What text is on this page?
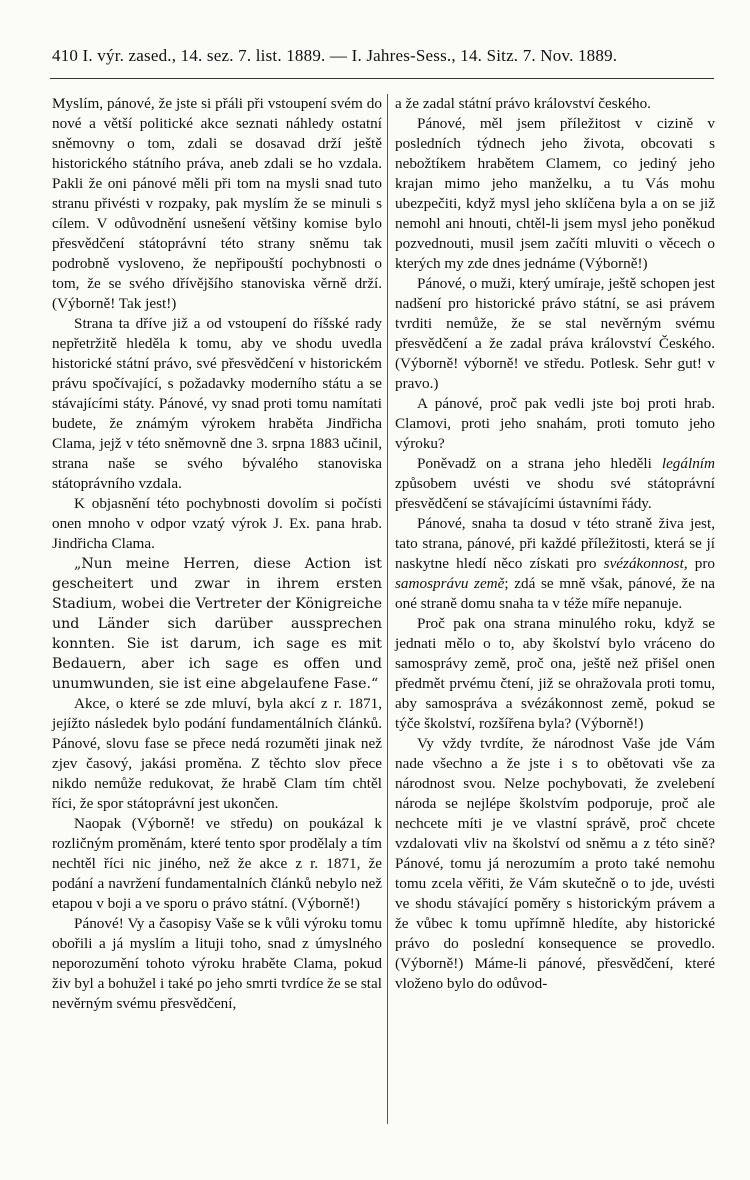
410 I. výr. zased., 14. sez. 7. list. 1889. — I. Jahres-Sess., 14. Sitz. 7. Nov. 1889.

Myslím, pánové, že jste si přáli při vstoupení svém do nové a větší politické akce seznati náhledy ostatní sněmovny o tom, zdali se dosavad drží ještě historického státního práva, aneb zdali se ho vzdala. Pakli že oni pánové měli při tom na mysli snad tuto stranu přivésti v rozpaky, pak myslím že se minuli s cílem. V odůvodnění usnešení většiny komise bylo přesvědčení státoprávní této strany sněmu tak podrobně vysloveno, že nepřipouští pochybnosti o tom, že se svého dřívějšího stanoviska věrně drží. (Výborně! Tak jest!)

Strana ta dříve již a od vstoupení do říšské rady nepřetržitě hleděla k tomu, aby ve shodu uvedla historické státní právo, své přesvědčení v historickém právu spočívající, s požadavky moderního státu a se stávajícími státy. Pánové, vy snad proti tomu namítati budete, že známým výrokem hraběta Jindřicha Clama, jejž v této sněmovně dne 3. srpna 1883 učinil, strana naše se svého bývalého stanoviska státoprávního vzdala.

K objasnění této pochybnosti dovolím si počísti onen mnoho v odpor vzatý výrok J. Ex. pana hrab. Jindřicha Clama.

„Nun meine Herren, diese Action ist gescheitert und zwar in ihrem ersten Stadium, wobei die Vertreter der Königreiche und Länder sich darüber aussprechen konnten. Sie ist darum, ich sage es mit Bedauern, aber ich sage es offen und unumwunden, sie ist eine abgelaufene Fase.“

Akce, o které se zde mluví, byla akcí z r. 1871, jejížto následek bylo podání fundamentálních článků. Pánové, slovu fase se přece nedá rozuměti jinak než zjev časový, jakási proměna. Z těchto slov přece nikdo nemůže redukovat, že hrabě Clam tím chtěl říci, že spor státoprávní jest ukončen.

Naopak (Výborně! ve středu) on poukázal k rozličným proměnám, které tento spor prodělaly a tím nechtěl říci nic jiného, než že akce z r. 1871, že podání a navržení fundamentalních článků nebylo než etapou v boji a ve sporu o právo státní. (Výborně!)

Pánové! Vy a časopisy Vaše se k vůli výroku tomu obořili a já myslím a lituji toho, snad z úmyslného neporozumění tohoto výroku hraběte Clama, pokud živ byl a bohužel i také po jeho smrti tvrdíce že se stal nevěrným svému přesvědčení,

a že zadal státní právo království českého.

Pánové, měl jsem příležitost v cizině v posledních týdnech jeho života, obcovati s nebožtíkem hrabětem Clamem, co jediný jeho krajan mimo jeho manželku, a tu Vás mohu ubezpečiti, když mysl jeho sklíčena byla a on se již nemohl ani hnouti, chtěl-li jsem mysl jeho poněkud pozvednouti, musil jsem začíti mluviti o věcech o kterých my zde dnes jednáme (Výborně!)

Pánové, o muži, který umíraje, ještě schopen jest nadšení pro historické právo státní, se asi právem tvrditi nemůže, že se stal nevěrným svému přesvědčení a že zadal práva království Českého. (Výborně! výborně! ve středu. Potlesk. Sehr gut! v pravo.)

A pánové, proč pak vedli jste boj proti hrab. Clamovi, proti jeho snahám, proti tomuto jeho výroku?

Poněvadž on a strana jeho hleděli legálním způsobem uvésti ve shodu své státoprávní přesvědčení se stávajícími ústavními řády.

Pánové, snaha ta dosud v této straně živa jest, tato strana, pánové, při každé příležitosti, která se jí naskytne hledí něco získati pro svézákonnost, pro samosprávu země; zdá se mně však, pánové, že na oné straně domu snaha ta v téže míře nepanuje.

Proč pak ona strana minulého roku, když se jednati mělo o to, aby školství bylo vráceno do samosprávy země, proč ona, ještě než přišel onen předmět prvému čtení, již se ohražovala proti tomu, aby samospráva a svézákonnost země, pokud se týče školství, rozšířena byla? (Výborně!)

Vy vždy tvrdíte, že národnost Vaše jde Vám nade všechno a že jste i s to obětovati vše za národnost svou. Nelze pochybovati, že zvelebení národa se nejlépe školstvím podporuje, proč ale nechcete míti je ve vlastní správě, proč chcete vzdalovati vliv na školství od sněmu a z této sině? Pánové, tomu já nerozumím a proto také nemohu tomu zcela věřiti, že Vám skutečně o to jde, uvésti ve shodu stávající poměry s historickým právem a že vůbec k tomu upřímně hledíte, aby historické právo do poslední konsequence se provedlo. (Výborně!) Máme-li pánové, přesvědčení, které vloženo bylo do odůvod-
